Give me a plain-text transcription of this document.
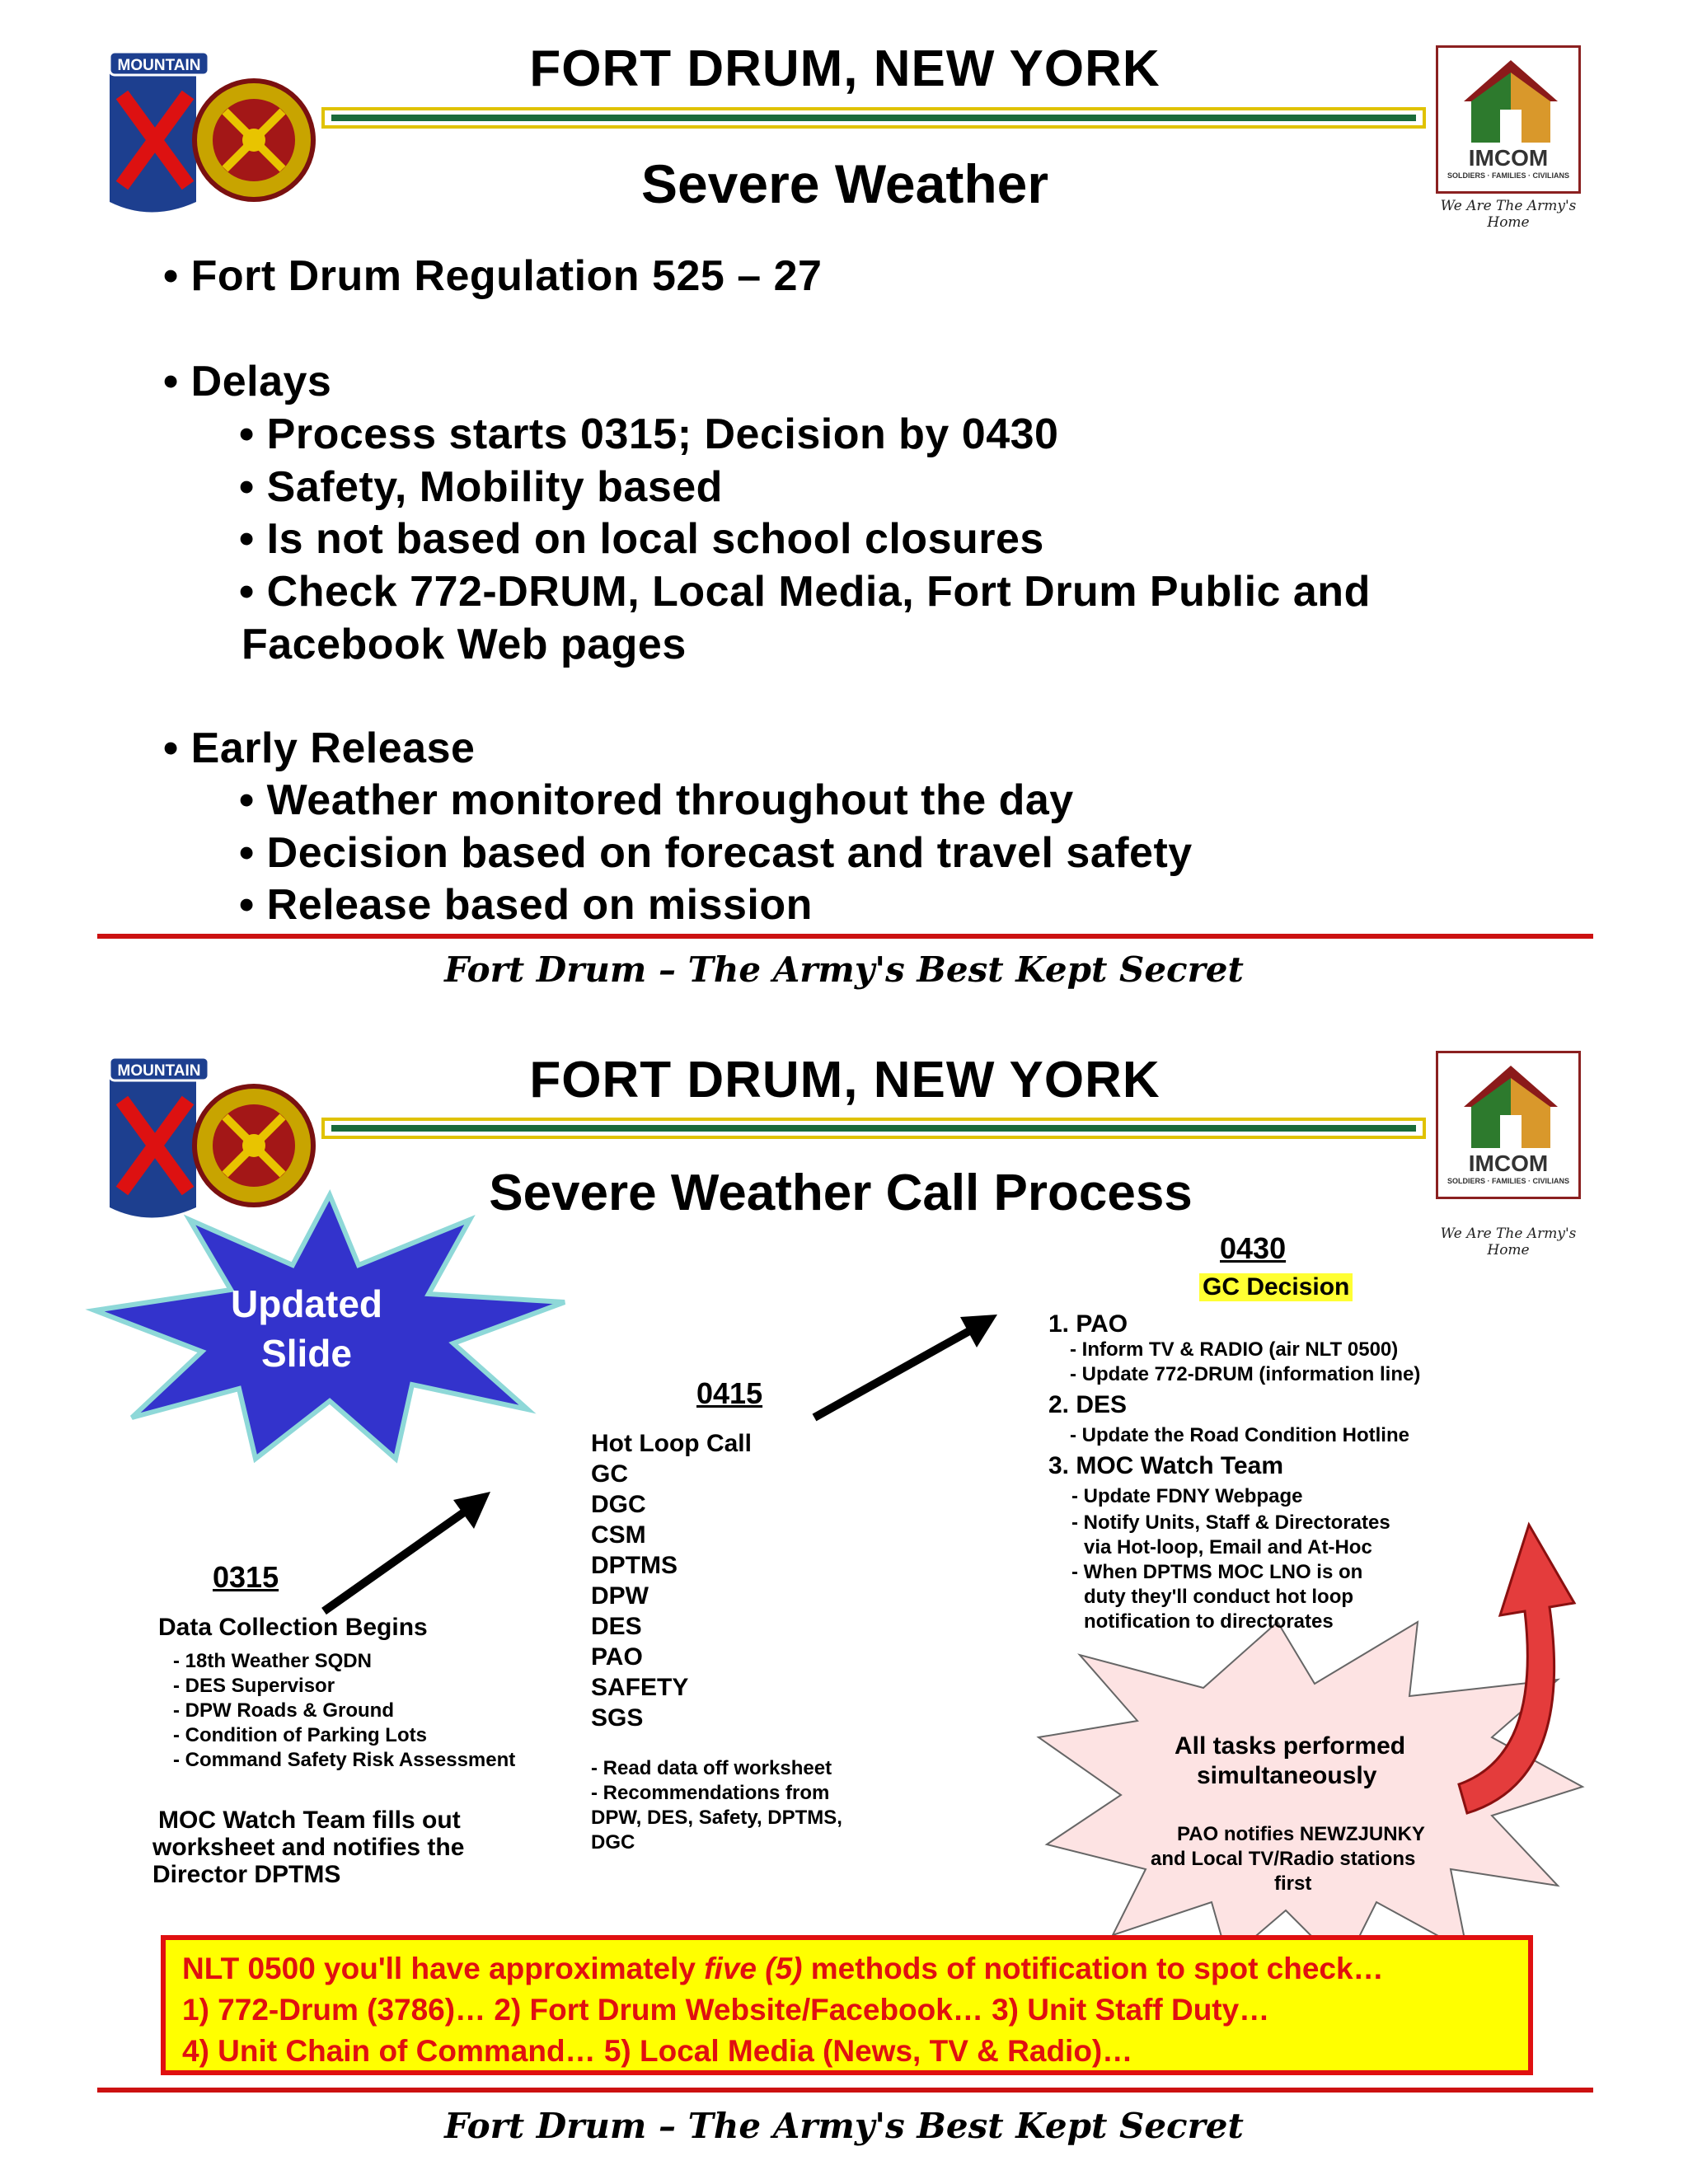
MOUNTAIN	FORT DRUM, NEW YORK
IMCOM
SOLDIERS · FAMILIES · CIVILIANS
We Are The Army's Home
Severe Weather
• Fort Drum Regulation 525 – 27
• Delays
• Process starts 0315; Decision by 0430
• Safety, Mobility based
• Is not based on local school closures
• Check 772-DRUM, Local Media, Fort Drum Public and
Facebook Web pages
• Early Release
• Weather monitored throughout the day
• Decision based on forecast and travel safety
• Release based on mission
Fort Drum – The Army's Best Kept Secret
MOUNTAIN	FORT DRUM, NEW YORK
IMCOM
SOLDIERS · FAMILIES · CIVILIANS
We Are The Army's Home
Severe Weather Call Process
Updated
Slide
0315
Data Collection Begins
- 18th Weather SQDN
- DES Supervisor
- DPW Roads & Ground
- Condition of Parking Lots
- Command Safety Risk Assessment
MOC Watch Team fills out
worksheet and notifies the
Director DPTMS
0415
Hot Loop Call
GC
DGC
CSM
DPTMS
DPW
DES
PAO
SAFETY
SGS
- Read data off worksheet
- Recommendations from
DPW, DES, Safety, DPTMS,
DGC
0430
GC Decision
1. PAO
- Inform TV & RADIO (air NLT 0500)
- Update 772-DRUM (information line)
2. DES
- Update the Road Condition Hotline
3. MOC Watch Team
- Update FDNY Webpage
- Notify Units, Staff & Directorates
via Hot-loop, Email and At-Hoc
- When DPTMS MOC LNO is on
duty they'll conduct hot loop
notification to directorates
All tasks performed
simultaneously
PAO notifies NEWZJUNKY
and Local TV/Radio stations
first
NLT 0500 you'll have approximately five (5) methods of notification to spot check…
1) 772-Drum (3786)… 2) Fort Drum Website/Facebook… 3) Unit Staff Duty…
4) Unit Chain of Command… 5) Local Media (News, TV & Radio)…
Fort Drum – The Army's Best Kept Secret
